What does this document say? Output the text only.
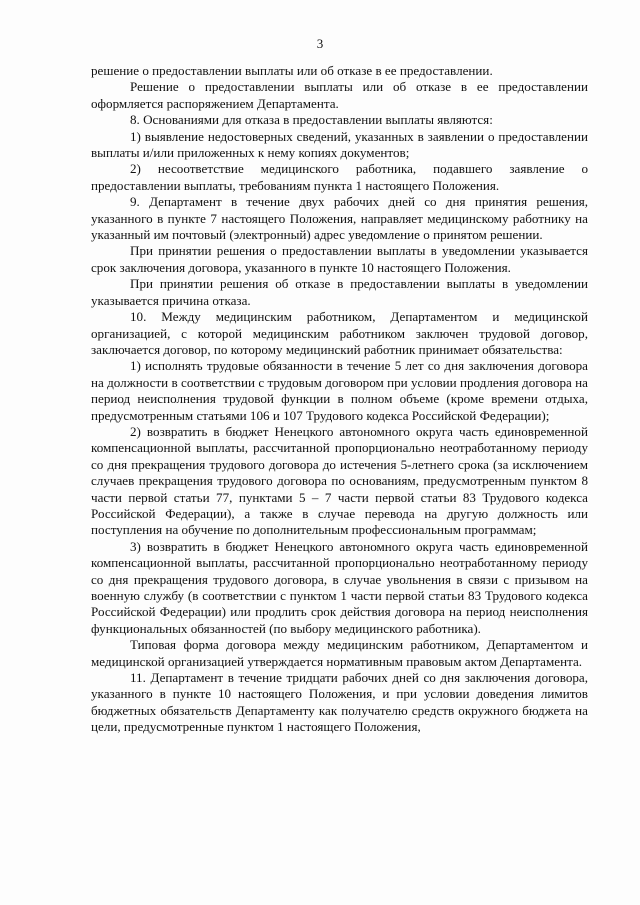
3

решение о предоставлении выплаты или об отказе в ее предоставлении.

Решение о предоставлении выплаты или об отказе в ее предоставлении оформляется распоряжением Департамента.

8. Основаниями для отказа в предоставлении выплаты являются:

1) выявление недостоверных сведений, указанных в заявлении о предоставлении выплаты и/или приложенных к нему копиях документов;

2) несоответствие медицинского работника, подавшего заявление о предоставлении выплаты, требованиям пункта 1 настоящего Положения.

9. Департамент в течение двух рабочих дней со дня принятия решения, указанного в пункте 7 настоящего Положения, направляет медицинскому работнику на указанный им почтовый (электронный) адрес уведомление о принятом решении.

При принятии решения о предоставлении выплаты в уведомлении указывается срок заключения договора, указанного в пункте 10 настоящего Положения.

При принятии решения об отказе в предоставлении выплаты в уведомлении указывается причина отказа.

10. Между медицинским работником, Департаментом и медицинской организацией, с которой медицинским работником заключен трудовой договор, заключается договор, по которому медицинский работник принимает обязательства:

1) исполнять трудовые обязанности в течение 5 лет со дня заключения договора на должности в соответствии с трудовым договором при условии продления договора на период неисполнения трудовой функции в полном объеме (кроме времени отдыха, предусмотренным статьями 106 и 107 Трудового кодекса Российской Федерации);

2) возвратить в бюджет Ненецкого автономного округа часть единовременной компенсационной выплаты, рассчитанной пропорционально неотработанному периоду со дня прекращения трудового договора до истечения 5-летнего срока (за исключением случаев прекращения трудового договора по основаниям, предусмотренным пунктом 8 части первой статьи 77, пунктами 5 – 7 части первой статьи 83 Трудового кодекса Российской Федерации), а также в случае перевода на другую должность или поступления на обучение по дополнительным профессиональным программам;

3) возвратить в бюджет Ненецкого автономного округа часть единовременной компенсационной выплаты, рассчитанной пропорционально неотработанному периоду со дня прекращения трудового договора, в случае увольнения в связи с призывом на военную службу (в соответствии с пунктом 1 части первой статьи 83 Трудового кодекса Российской Федерации) или продлить срок действия договора на период неисполнения функциональных обязанностей (по выбору медицинского работника).

Типовая форма договора между медицинским работником, Департаментом и медицинской организацией утверждается нормативным правовым актом Департамента.

11. Департамент в течение тридцати рабочих дней со дня заключения договора, указанного в пункте 10 настоящего Положения, и при условии доведения лимитов бюджетных обязательств Департаменту как получателю средств окружного бюджета на цели, предусмотренные пунктом 1 настоящего Положения,
